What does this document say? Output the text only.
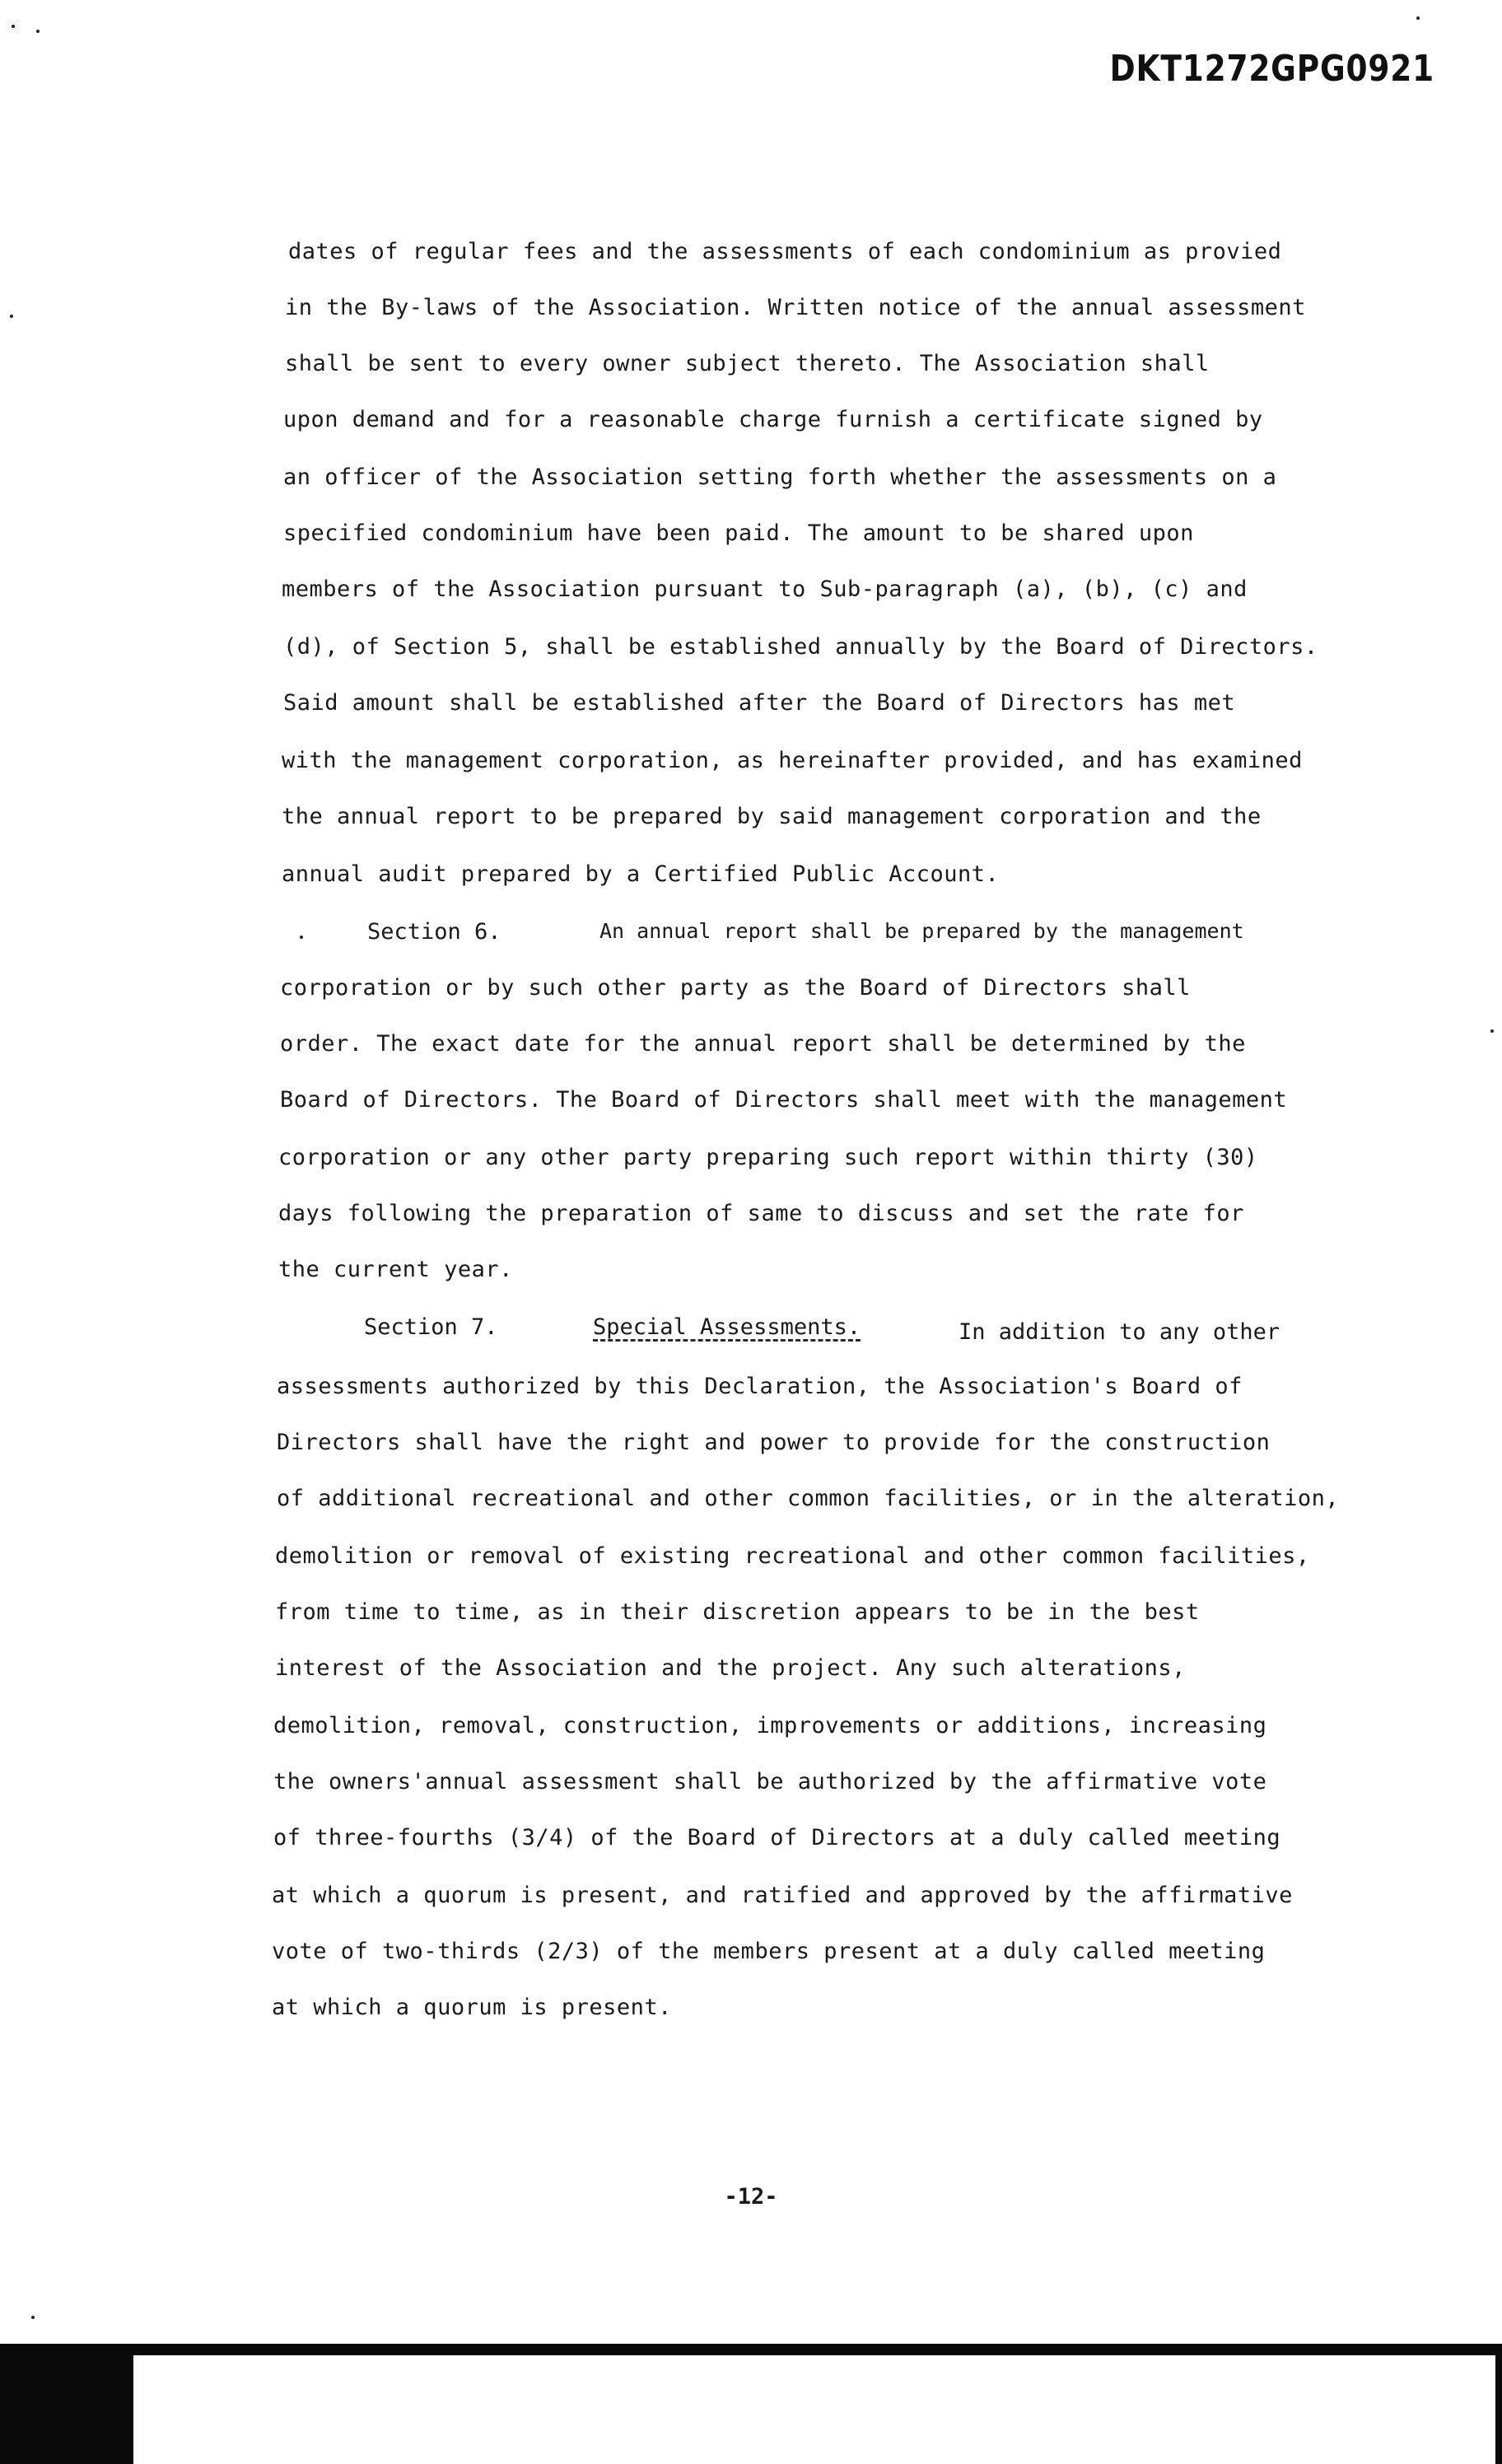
DKT1272GPG0921
dates of regular fees and the assessments of each condominium as provied
in the By-laws of the Association. Written notice of the annual assessment
shall be sent to every owner subject thereto. The Association shall
upon demand and for a reasonable charge furnish a certificate signed by
an officer of the Association setting forth whether the assessments on a
specified condominium have been paid. The amount to be shared upon
members of the Association pursuant to Sub-paragraph (a), (b), (c) and
(d), of Section 5, shall be established annually by the Board of Directors.
Said amount shall be established after the Board of Directors has met
with the management corporation, as hereinafter provided, and has examined
the annual report to be prepared by said management corporation and the
annual audit prepared by a Certified Public Account.
Section 6.	An annual report shall be prepared by the management
corporation or by such other party as the Board of Directors shall
order. The exact date for the annual report shall be determined by the
Board of Directors. The Board of Directors shall meet with the management
corporation or any other party preparing such report within thirty (30)
days following the preparation of same to discuss and set the rate for
the current year.
Section 7.	Special Assessments.	In addition to any other
assessments authorized by this Declaration, the Association's Board of
Directors shall have the right and power to provide for the construction
of additional recreational and other common facilities, or in the alteration,
demolition or removal of existing recreational and other common facilities,
from time to time, as in their discretion appears to be in the best
interest of the Association and the project. Any such alterations,
demolition, removal, construction, improvements or additions, increasing
the owners'annual assessment shall be authorized by the affirmative vote
of three-fourths (3/4) of the Board of Directors at a duly called meeting
at which a quorum is present, and ratified and approved by the affirmative
vote of two-thirds (2/3) of the members present at a duly called meeting
at which a quorum is present.
-12-
